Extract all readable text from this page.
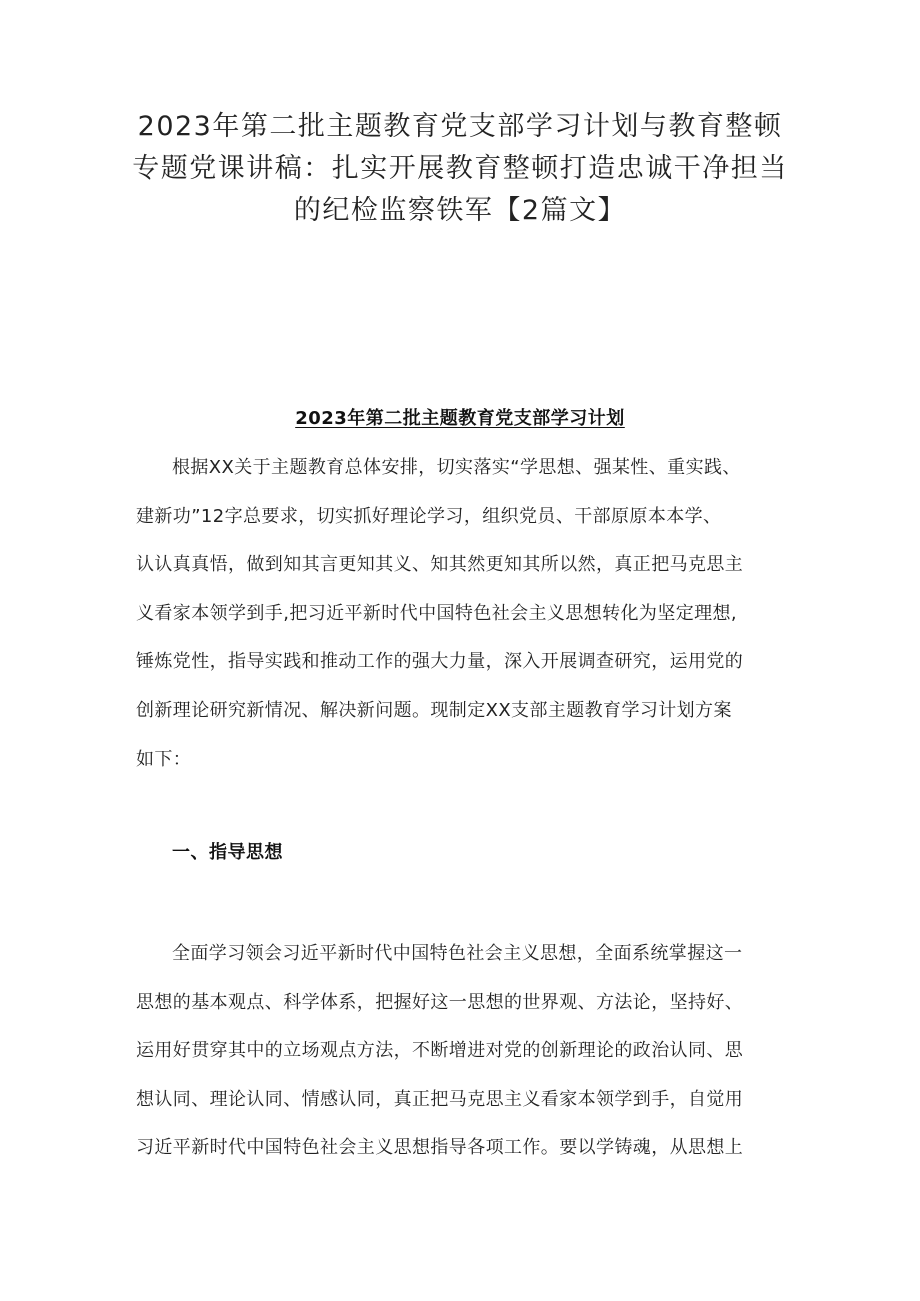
2023年第二批主题教育党支部学习计划与教育整顿
专题党课讲稿：扎实开展教育整顿打造忠诚干净担当
的纪检监察铁军【2篇文】
2023年第二批主题教育党支部学习计划
根据XX关于主题教育总体安排，切实落实“学思想、强某性、重实践、
建新功”12字总要求，切实抓好理论学习，组织党员、干部原原本本学、
认认真真悟，做到知其言更知其义、知其然更知其所以然，真正把马克思主
义看家本领学到手,把习近平新时代中国特色社会主义思想转化为坚定理想,
锤炼党性，指导实践和推动工作的强大力量，深入开展调查研究，运用党的
创新理论研究新情况、解决新问题。现制定XX支部主题教育学习计划方案
如下：
一、指导思想
全面学习领会习近平新时代中国特色社会主义思想，全面系统掌握这一
思想的基本观点、科学体系，把握好这一思想的世界观、方法论，坚持好、
运用好贯穿其中的立场观点方法，不断增进对党的创新理论的政治认同、思
想认同、理论认同、情感认同，真正把马克思主义看家本领学到手，自觉用
习近平新时代中国特色社会主义思想指导各项工作。要以学铸魂，从思想上
